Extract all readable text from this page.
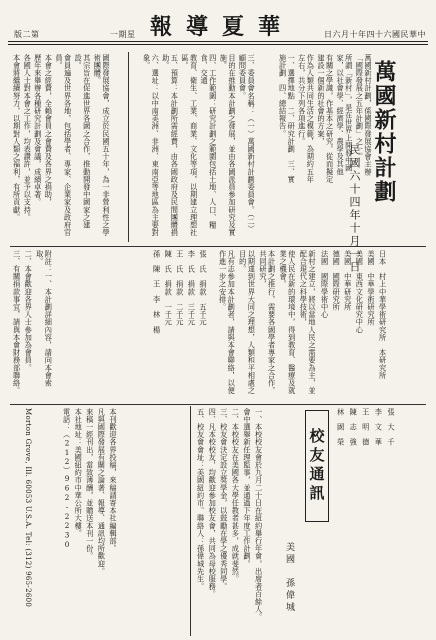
版二第	報 導 夏 華
一期星	日六月十年四十六國民華中
萬國新村計劃
民國六十四年十月一日
萬國新村計劃，係國際發展協會主辦「國際發展之五年計劃」之一。
所謂「新村」，是在世界上開發中國家，以社會學、經濟學、農學及其他
有關之學識，作基本之研究，從而擬定建設一個新的社會的方案，
作為人類共同生活之模範，為期約五年左右，共分下列各項進行。
一、選擇地點　二、研究計劃　三、實施計劃　四、總結報告。
三、委員會名稱：（一）萬國新村計劃委員會。（二）顧問委員會。
目的在推動本計劃之發展，並由各國派員參加研究及實施。
四、工作範圍：研究計劃之範圍包括土地、人口、糧食、交通
教育、衛生、工業、商業、文化等項，以期建立理想社區。
五、預算：本計劃所需經費，由各國政府及民間團體捐助。
六、選址：以中南美洲、非洲、東南亞等地區為主要對象。
國際發展協會，成立於民國五十年，為一非營利性之學術團體。
其宗旨在促進世界各國之合作，推動開發中國家之建設。
會員遍及世界各地，包括學者、專家、企業家及政府官員。
本會之經費，全賴會員之會費及各界之捐助，
歷年來舉辦各種研究計劃及會議，成績卓著。
各國人士對本會之工作，均表讚許，並予以支持。
本會將繼續努力，以期對人類之福利，有所貢獻。
日本　村上中華學術研究所　本研究所
美國　中華學術研究所
美國　東西文化研究中心
美國　中華研究所
德國　國際研究所
法國　國際學術中心
新村之建立，將以當地人民之需要為主，並配合現代之科學技術，
使人民在新的環境中，得到教育、醫療及就業之機會。
本計劃之推行，需要各國學者專家之合作，共同研究，
以期達到世界大同之理想，人類和平相處之目的。
凡有志參加本計劃者，請與本會聯絡，以便作進一步之安排。
張　氏　捐款　五千元
李　氏　捐款　三千元
王　氏　捐款　二千元
陳　氏　捐款　一千元
孫　陳　王　李　林　楊
附註：一、本計劃詳細內容，請向本會索取。
二、本會歡迎各界人士參加為會員。
三、有關捐款事宜，請與本會財務部聯絡。
校友通訊
美國　孫偉城
張　大　千
李　文　華
王　明　德
陳　志　強
林　國　榮
一、本校校友會於九月二十日在紐約舉行年會，出席者百餘人。
會中選舉新任理監事，並通過下年度工作計劃。
二、本校校友在美國各大學任教者甚多，成就斐然。
三、校友會決定設立獎學金，以鼓勵在學之優秀同學。
四、凡本校校友，均歡迎參加校友會，共同為母校服務。
五、校友會會址：美國紐約市。聯絡人：孫偉城先生。
本刊歡迎各界投稿，來稿請寄本社編輯部。
凡與國際發展有關之論著、報導、通訊均所歡迎。
來稿一經刊出，當致薄酬，並贈送本刊一份。
本社地址：美國紐約市中華公所大樓。
電話：（212）962-2230
Morton Grove, Ill. 60053 U.S.A. Tel: (312) 965-2600
